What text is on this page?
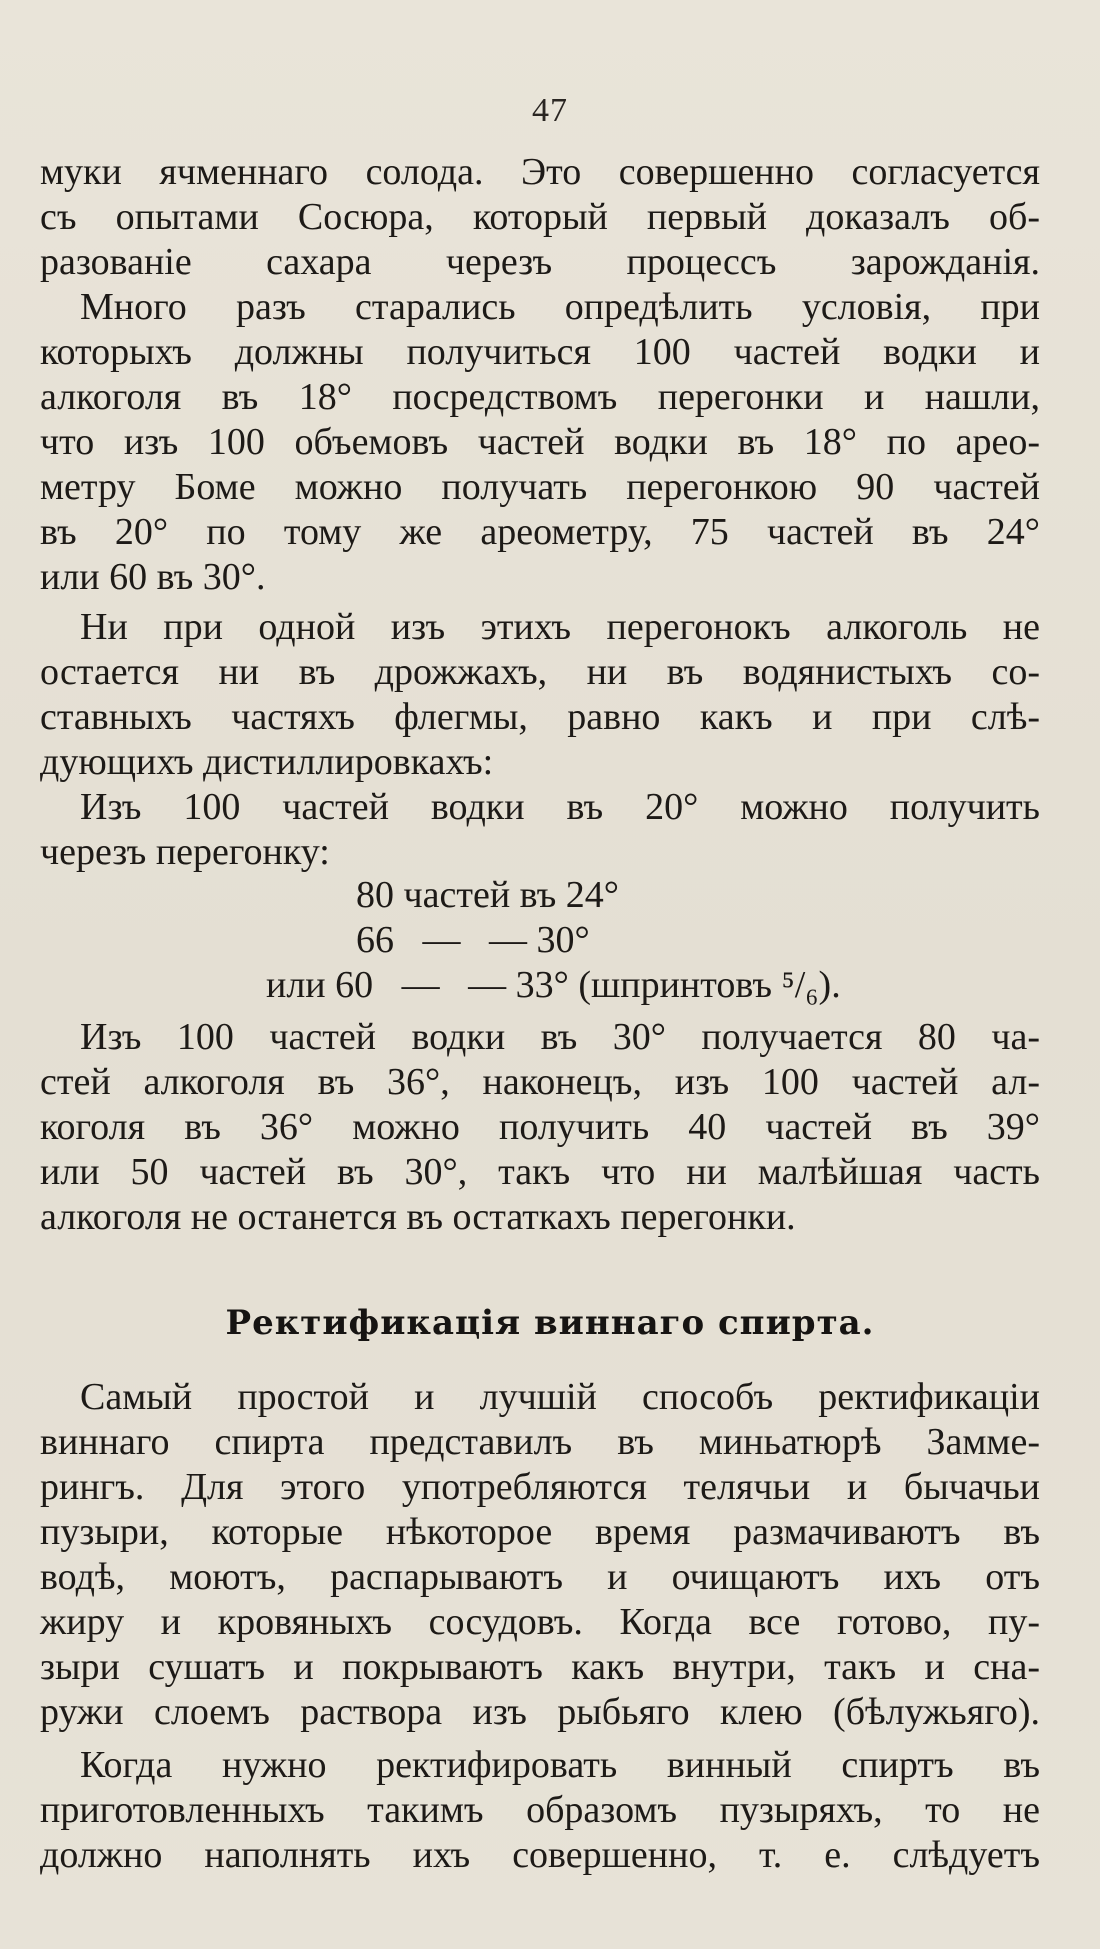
47
муки ячменнаго солода. Это совершенно согласуется
съ опытами Сосюра, который первый доказалъ об-
разованіе сахара черезъ процессъ зарожданія.
Много разъ старались опредѣлить условія, при
которыхъ должны получиться 100 частей водки и
алкоголя въ 18° посредствомъ перегонки и нашли,
что изъ 100 объемовъ частей водки въ 18° по арео-
метру Боме можно получать перегонкою 90 частей
въ 20° по тому же ареометру, 75 частей въ 24°
или 60 въ 30°.
Ни при одной изъ этихъ перегонокъ алкоголь не
остается ни въ дрожжахъ, ни въ водянистыхъ со-
ставныхъ частяхъ флегмы, равно какъ и при слѣ-
дующихъ дистиллировкахъ:
Изъ 100 частей водки въ 20° можно получить
черезъ перегонку:
80 частей въ 24°
66   —   — 30°
или 60   —   — 33° (шпринтовъ ⁵/₆).
Изъ 100 частей водки въ 30° получается 80 ча-
стей алкоголя въ 36°, наконецъ, изъ 100 частей ал-
коголя въ 36° можно получить 40 частей въ 39°
или 50 частей въ 30°, такъ что ни малѣйшая часть
алкоголя не останется въ остаткахъ перегонки.
Ректификація виннаго спирта.
Самый простой и лучшій способъ ректификаціи
виннаго спирта представилъ въ миньатюрѣ Замме-
рингъ. Для этого употребляются телячьи и бычачьи
пузыри, которые нѣкоторое время размачиваютъ въ
водѣ, моютъ, распарываютъ и очищаютъ ихъ отъ
жиру и кровяныхъ сосудовъ. Когда все готово, пу-
зыри сушатъ и покрываютъ какъ внутри, такъ и сна-
ружи слоемъ раствора изъ рыбьяго клею (бѣлужьяго).
Когда нужно ректифировать винный спиртъ въ
приготовленныхъ такимъ образомъ пузыряхъ, то не
должно наполнять ихъ совершенно, т. е. слѣдуетъ
